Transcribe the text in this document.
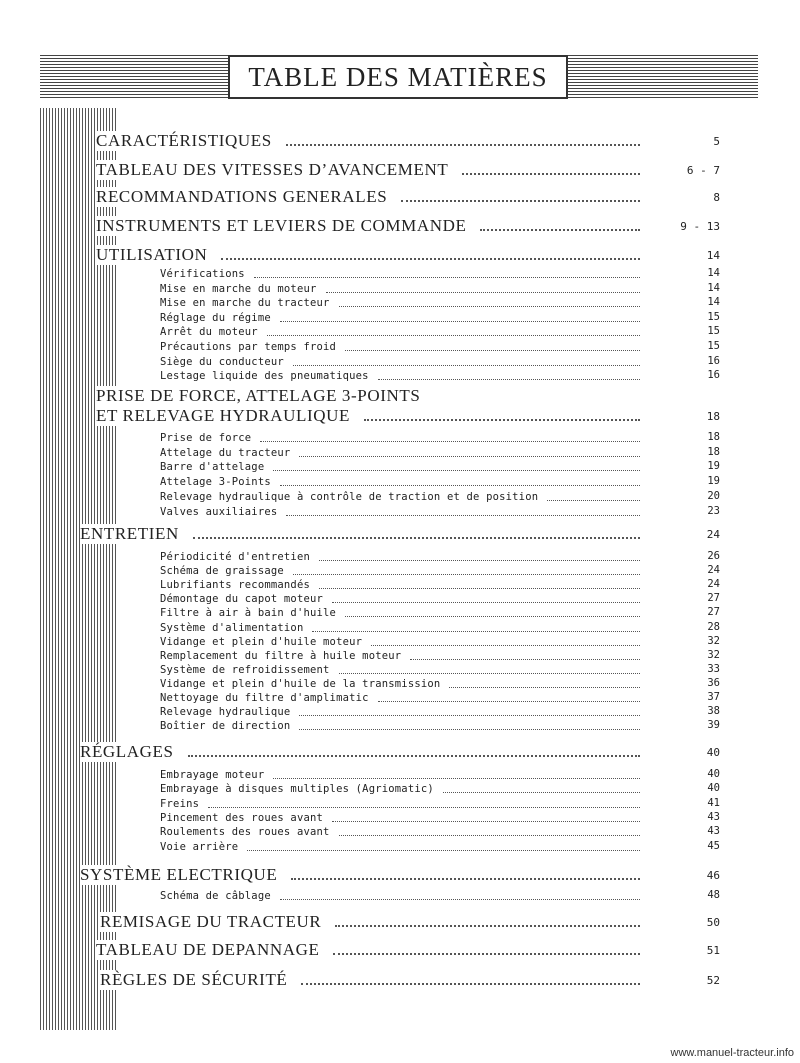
TABLE DES MATIÈRES
CARACTÉRISTIQUES	5
TABLEAU DES VITESSES D’AVANCEMENT	6 - 7
RECOMMANDATIONS GENERALES	8
INSTRUMENTS ET LEVIERS DE COMMANDE	9 - 13
UTILISATION	14
Vérifications	14
Mise en marche du moteur	14
Mise en marche du tracteur	14
Réglage du régime	15
Arrêt du moteur	15
Précautions par temps froid	15
Siège du conducteur	16
Lestage liquide des pneumatiques	16
PRISE DE FORCE, ATTELAGE 3-POINTS
ET RELEVAGE HYDRAULIQUE	18
Prise de force	18
Attelage du tracteur	18
Barre d'attelage	19
Attelage 3-Points	19
Relevage hydraulique à contrôle de traction et de position	20
Valves auxiliaires	23
ENTRETIEN	24
Périodicité d'entretien	26
Schéma de graissage	24
Lubrifiants recommandés	24
Démontage du capot moteur	27
Filtre à air à bain d'huile	27
Système d'alimentation	28
Vidange et plein d'huile moteur	32
Remplacement du filtre à huile moteur	32
Système de refroidissement	33
Vidange et plein d'huile de la transmission	36
Nettoyage du filtre d'amplimatic	37
Relevage hydraulique	38
Boîtier de direction	39
RÉGLAGES	40
Embrayage moteur	40
Embrayage à disques multiples (Agriomatic)	40
Freins	41
Pincement des roues avant	43
Roulements des roues avant	43
Voie arrière	45
SYSTÈME ELECTRIQUE	46
Schéma de câblage	48
REMISAGE DU TRACTEUR	50
TABLEAU DE DEPANNAGE	51
RÈGLES DE SÉCURITÉ	52
www.manuel-tracteur.info
